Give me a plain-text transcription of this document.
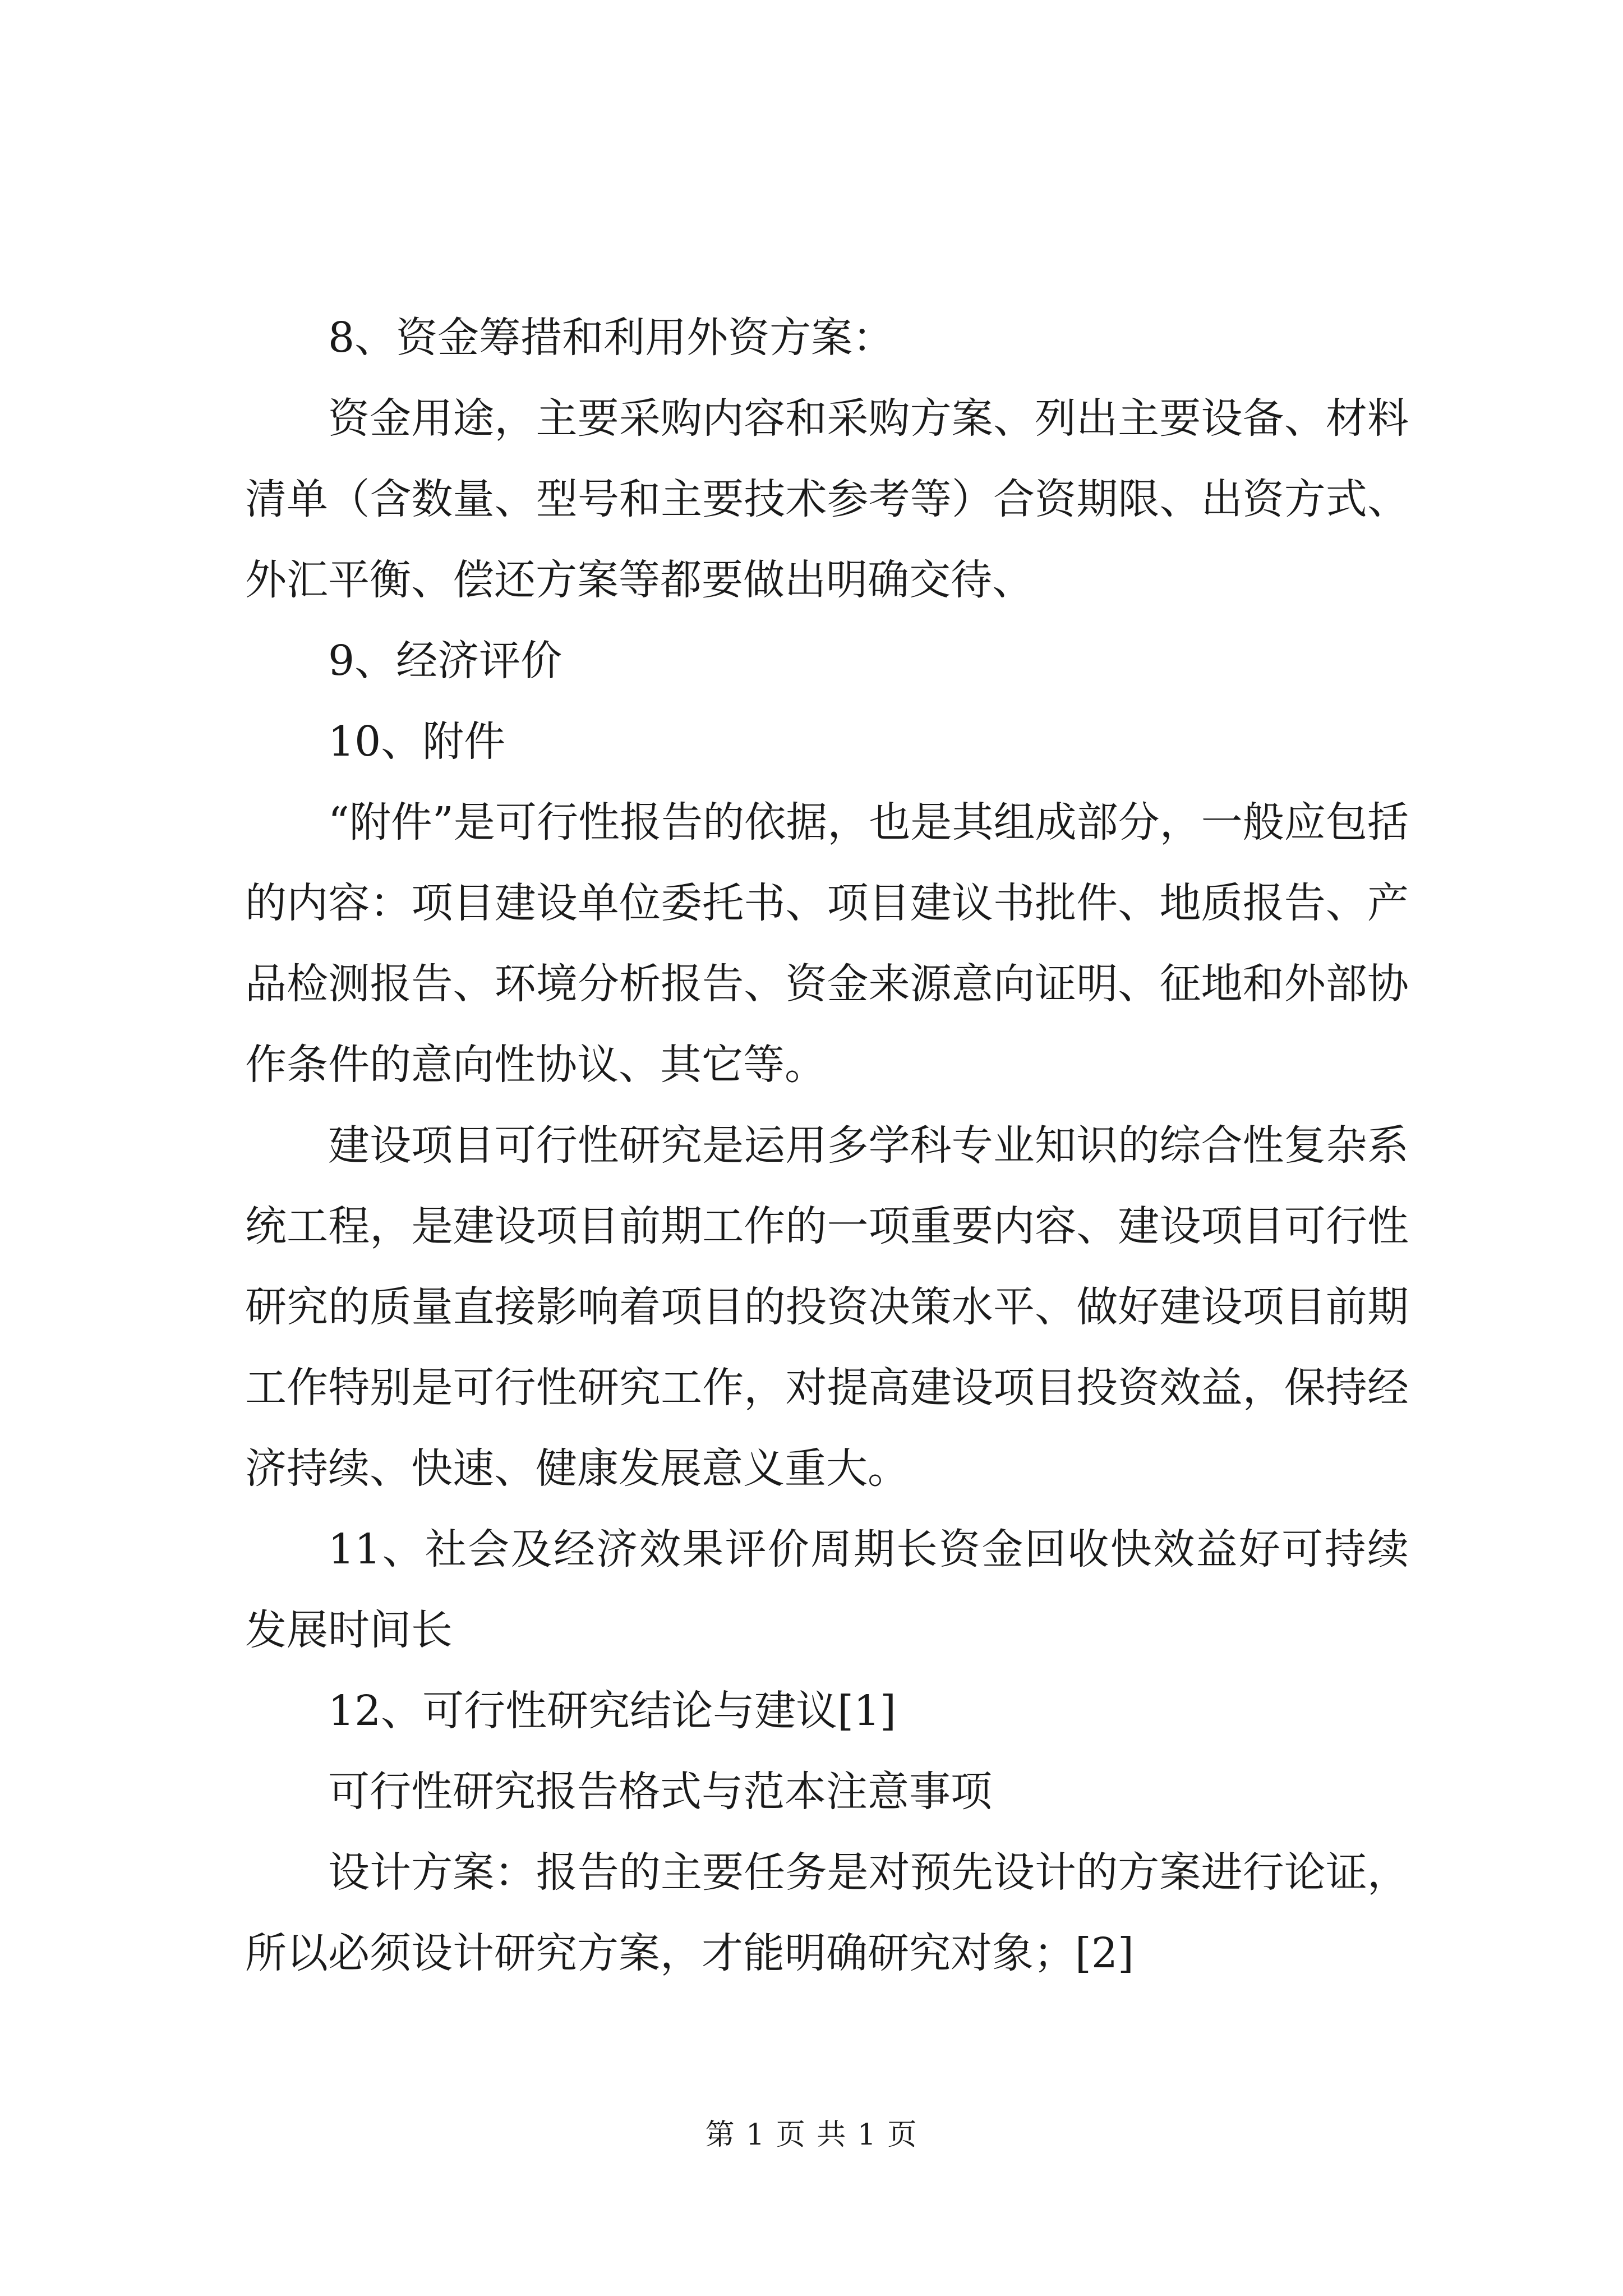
8、资金筹措和利用外资方案：

资金用途，主要采购内容和采购方案、列出主要设备、材料清单（含数量、型号和主要技术参考等）合资期限、出资方式、外汇平衡、偿还方案等都要做出明确交待、

9、经济评价

10、附件

“附件”是可行性报告的依据，也是其组成部分，一般应包括的内容：项目建设单位委托书、项目建议书批件、地质报告、产品检测报告、环境分析报告、资金来源意向证明、征地和外部协作条件的意向性协议、其它等。

建设项目可行性研究是运用多学科专业知识的综合性复杂系统工程，是建设项目前期工作的一项重要内容、建设项目可行性研究的质量直接影响着项目的投资决策水平、做好建设项目前期工作特别是可行性研究工作，对提高建设项目投资效益，保持经济持续、快速、健康发展意义重大。

11、社会及经济效果评价周期长资金回收快效益好可持续发展时间长

12、可行性研究结论与建议[1]

可行性研究报告格式与范本注意事项

设计方案：报告的主要任务是对预先设计的方案进行论证，所以必须设计研究方案，才能明确研究对象；[2]

第 1 页 共 1 页
